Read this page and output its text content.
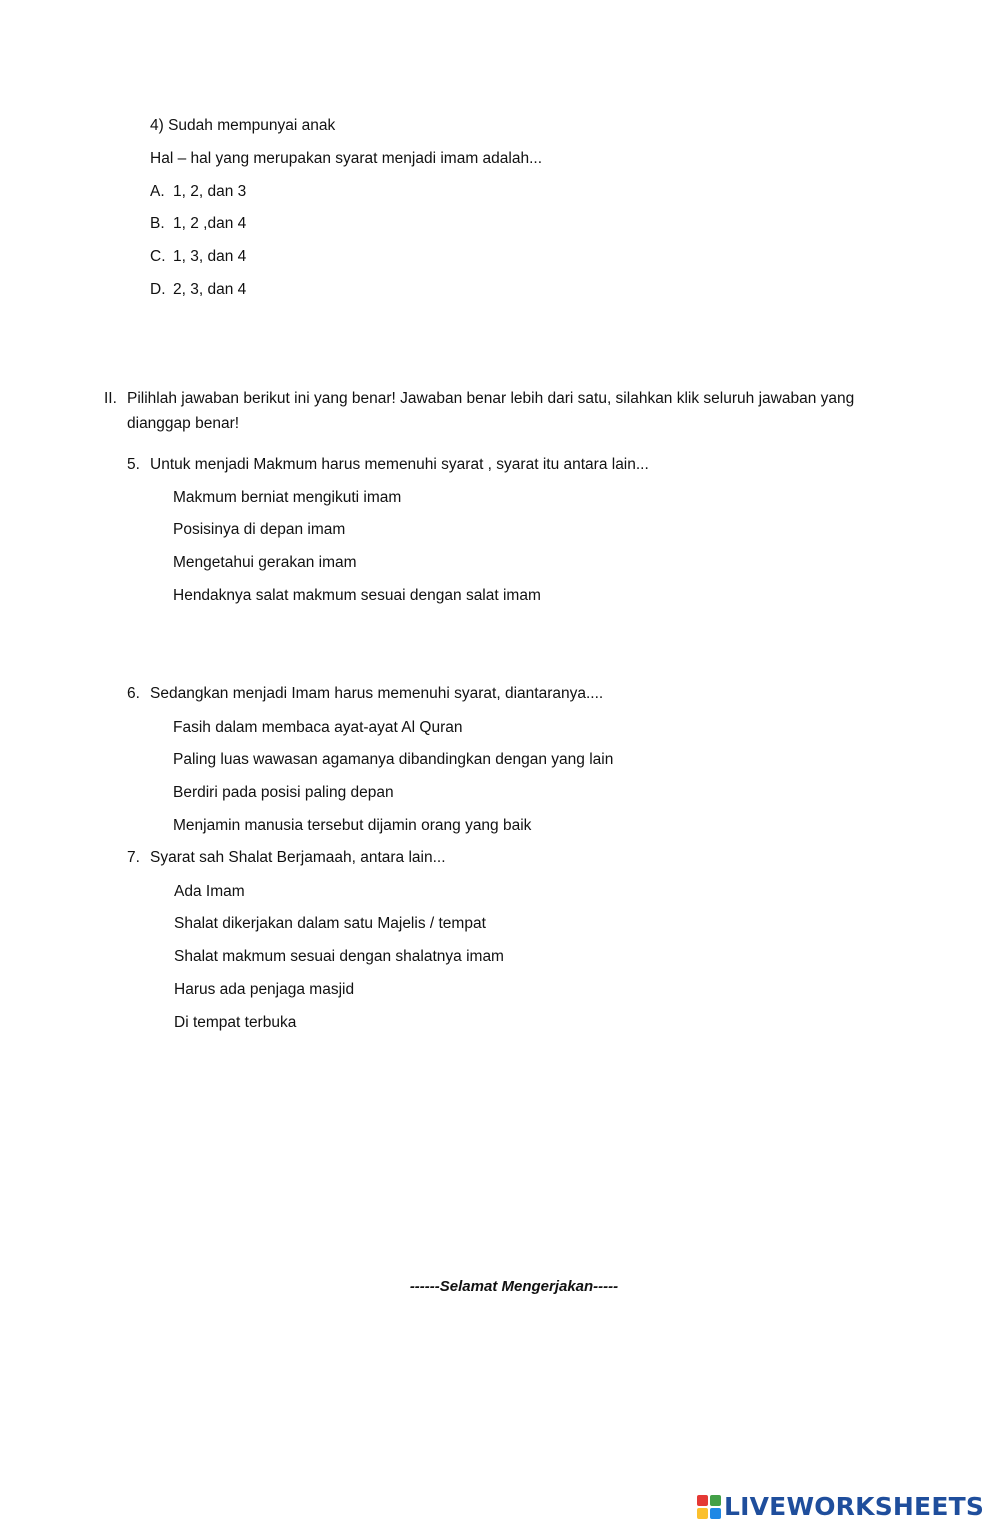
4) Sudah mempunyai anak
Hal – hal yang merupakan syarat menjadi imam adalah...
A. 1, 2, dan 3
B. 1, 2 ,dan 4
C. 1, 3, dan 4
D. 2, 3, dan 4
II. Pilihlah jawaban berikut ini yang benar! Jawaban benar lebih dari satu, silahkan klik seluruh jawaban yang
dianggap benar!
5. Untuk menjadi Makmum harus memenuhi syarat , syarat itu antara lain...
Makmum berniat mengikuti imam
Posisinya di depan imam
Mengetahui gerakan imam
Hendaknya salat makmum sesuai dengan salat imam
6. Sedangkan menjadi Imam harus memenuhi syarat, diantaranya....
Fasih dalam membaca ayat-ayat Al Quran
Paling luas wawasan agamanya dibandingkan dengan yang lain
Berdiri pada posisi paling depan
Menjamin manusia tersebut dijamin orang yang baik
7. Syarat sah Shalat Berjamaah, antara lain...
Ada Imam
Shalat dikerjakan dalam satu Majelis / tempat
Shalat makmum sesuai dengan shalatnya imam
Harus ada penjaga masjid
Di tempat terbuka
------Selamat Mengerjakan-----
LIVEWORKSHEETS
